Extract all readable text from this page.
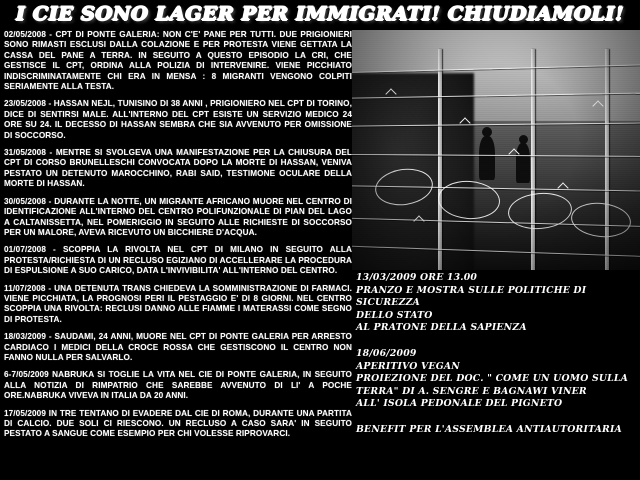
I CIE SONO LAGER PER IMMIGRATI! CHIUDIAMOLI!

02/05/2008 - CPT DI PONTE GALERIA: NON C'E' PANE PER TUTTI. DUE PRIGIONIERI SONO RIMASTI ESCLUSI DALLA COLAZIONE E PER PROTESTA VIENE GETTATA LA CASSA DEL PANE A TERRA. IN SEGUITO A QUESTO EPISODIO LA CRI, CHE GESTISCE IL CPT, ORDINA ALLA POLIZIA DI INTERVENIRE. VIENE PICCHIATO INDISCRIMINATAMENTE CHI ERA IN MENSA : 8 MIGRANTI VENGONO COLPITI SERIAMENTE ALLA TESTA.

23/05/2008 - HASSAN NEJL, TUNISINO DI 38 ANNI , PRIGIONIERO NEL CPT DI TORINO, DICE DI SENTIRSI MALE. ALL'INTERNO DEL CPT ESISTE UN SERVIZIO MEDICO 24 ORE SU 24. IL DECESSO DI HASSAN SEMBRA CHE SIA AVVENUTO PER OMISSIONE DI SOCCORSO.

31/05/2008 - MENTRE SI SVOLGEVA UNA MANIFESTAZIONE PER LA CHIUSURA DEL CPT DI CORSO BRUNELLESCHI CONVOCATA DOPO LA MORTE DI HASSAN, VENIVA PESTATO UN DETENUTO MAROCCHINO, RABI SAID, TESTIMONE OCULARE DELLA MORTE DI HASSAN.

30/05/2008 - DURANTE LA NOTTE, UN MIGRANTE AFRICANO MUORE NEL CENTRO DI IDENTIFICAZIONE ALL'INTERNO DEL CENTRO POLIFUNZIONALE DI PIAN DEL LAGO A CALTANISSETTA, NEL POMERIGGIO IN SEGUITO ALLE RICHIESTE DI SOCCORSO PER UN MALORE, AVEVA RICEVUTO UN BICCHIERE D'ACQUA.

01/07/2008 - SCOPPIA LA RIVOLTA NEL CPT DI MILANO IN SEGUITO ALLA PROTESTA/RICHIESTA DI UN RECLUSO EGIZIANO DI ACCELLERARE LA PROCEDURA DI ESPULSIONE A SUO CARICO, DATA L'INVIVIBILITA' ALL'INTERNO DEL CENTRO.

11/07/2008 - UNA DETENUTA TRANS CHIEDEVA LA SOMMINISTRAZIONE DI FARMACI. VIENE PICCHIATA, LA PROGNOSI PERI IL PESTAGGIO E' DI 8 GIORNI. NEL CENTRO SCOPPIA UNA RIVOLTA: RECLUSI DANNO ALLE FIAMME I MATERASSI COME SEGNO DI PROTESTA.

18/03/2009 - SAUDAMI, 24 ANNI, MUORE NEL CPT DI PONTE GALERIA PER ARRESTO CARDIACO I MEDICI DELLA CROCE ROSSA CHE GESTISCONO IL CENTRO NON FANNO NULLA PER SALVARLO.

6-7/05/2009 NABRUKA SI TOGLIE LA VITA NEL CIE DI PONTE GALERIA, IN SEGUITO ALLA NOTIZIA DI RIMPATRIO CHE SAREBBE AVVENUTO DI LI' A POCHE ORE.NABRUKA VIVEVA IN ITALIA DA 20 ANNI.

17/05/2009 IN TRE TENTANO DI EVADERE DAL CIE DI ROMA, DURANTE UNA PARTITA DI CALCIO. DUE SOLI CI RIESCONO. UN RECLUSO A CASO SARA' IN SEGUITO PESTATO A SANGUE COME ESEMPIO PER CHI VOLESSE RIPROVARCI.

13/03/2009 ORE 13.00

PRANZO E MOSTRA SULLE POLITICHE DI SICUREZZA

DELLO STATO

AL PRATONE DELLA SAPIENZA

18/06/2009

APERITIVO VEGAN

PROIEZIONE DEL DOC. " COME UN UOMO SULLA

TERRA" DI A. SENGRE E BAGNAWI VINER

ALL' ISOLA PEDONALE DEL PIGNETO

BENEFIT PER L'ASSEMBLEA ANTIAUTORITARIA
